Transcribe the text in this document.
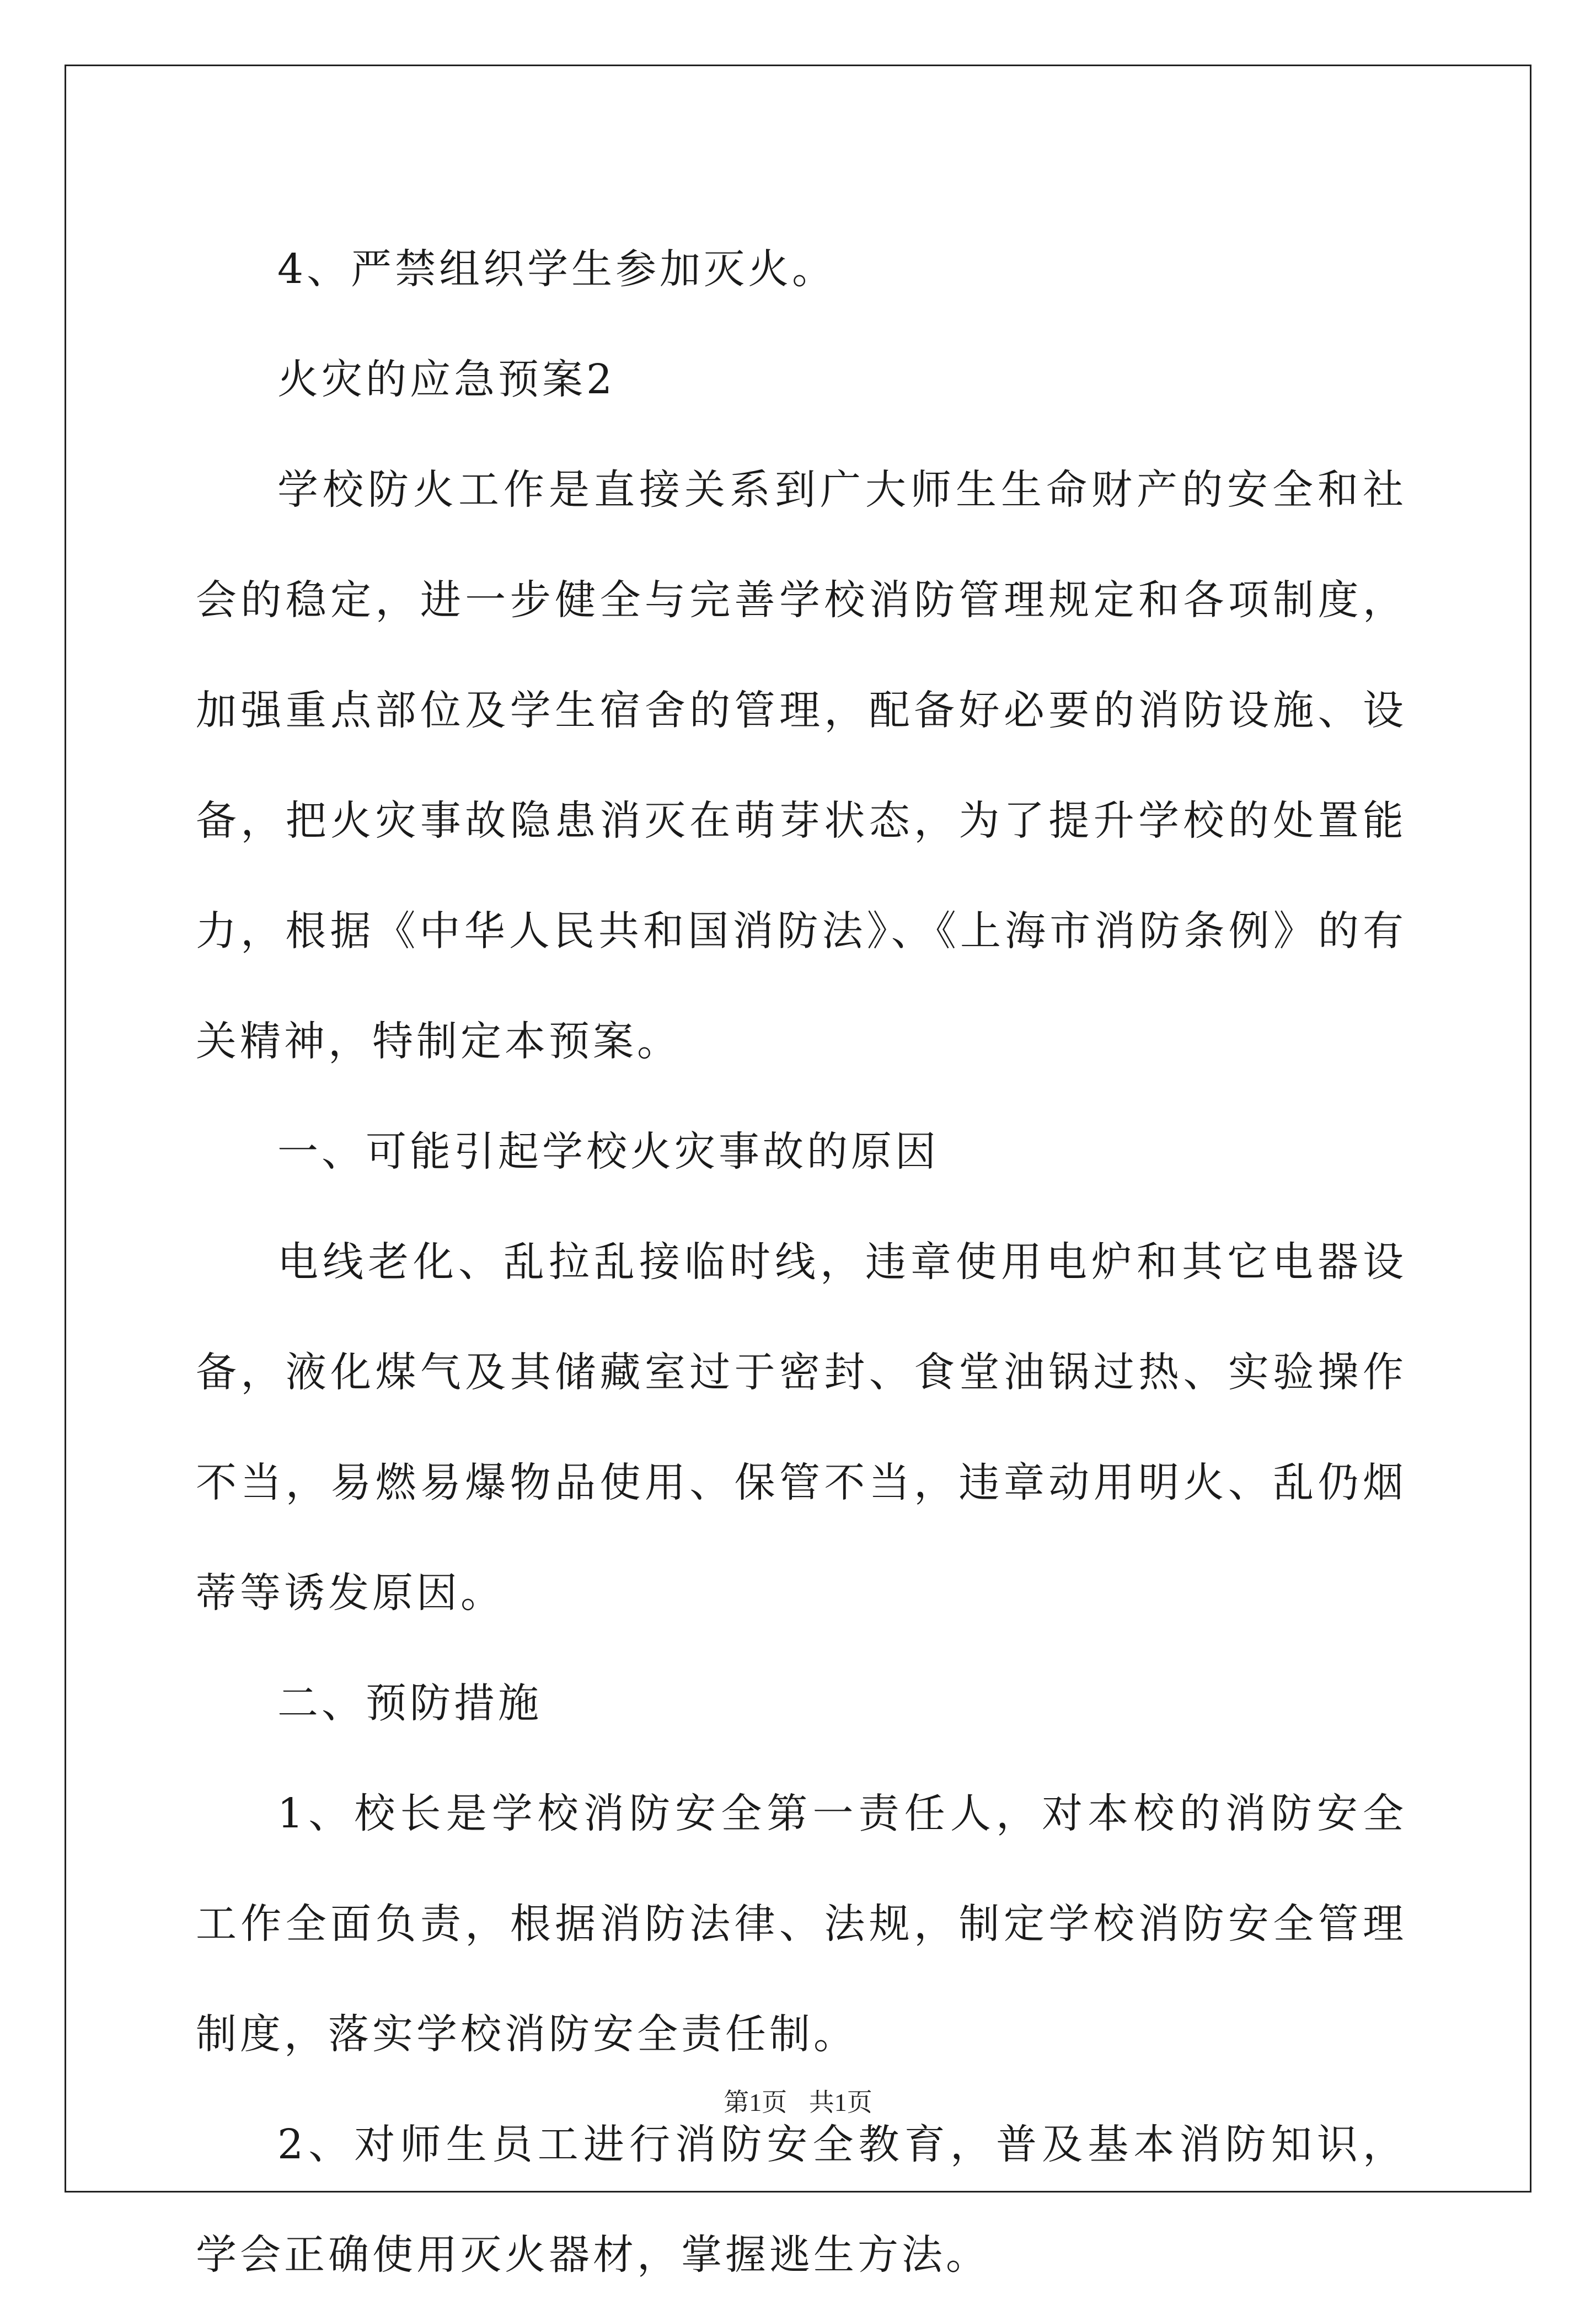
4、严禁组织学生参加灭火。

火灾的应急预案2

学校防火工作是直接关系到广大师生生命财产的安全和社会的稳定，进一步健全与完善学校消防管理规定和各项制度，加强重点部位及学生宿舍的管理，配备好必要的消防设施、设备，把火灾事故隐患消灭在萌芽状态，为了提升学校的处置能力，根据《中华人民共和国消防法》、《上海市消防条例》的有关精神，特制定本预案。

一、可能引起学校火灾事故的原因

电线老化、乱拉乱接临时线，违章使用电炉和其它电器设备，液化煤气及其储藏室过于密封、食堂油锅过热、实验操作不当，易燃易爆物品使用、保管不当，违章动用明火、乱仍烟蒂等诱发原因。

二、预防措施

1、校长是学校消防安全第一责任人，对本校的消防安全工作全面负责，根据消防法律、法规，制定学校消防安全管理制度，落实学校消防安全责任制。

2、对师生员工进行消防安全教育，普及基本消防知识，学会正确使用灭火器材，掌握逃生方法。

第1页 共1页
